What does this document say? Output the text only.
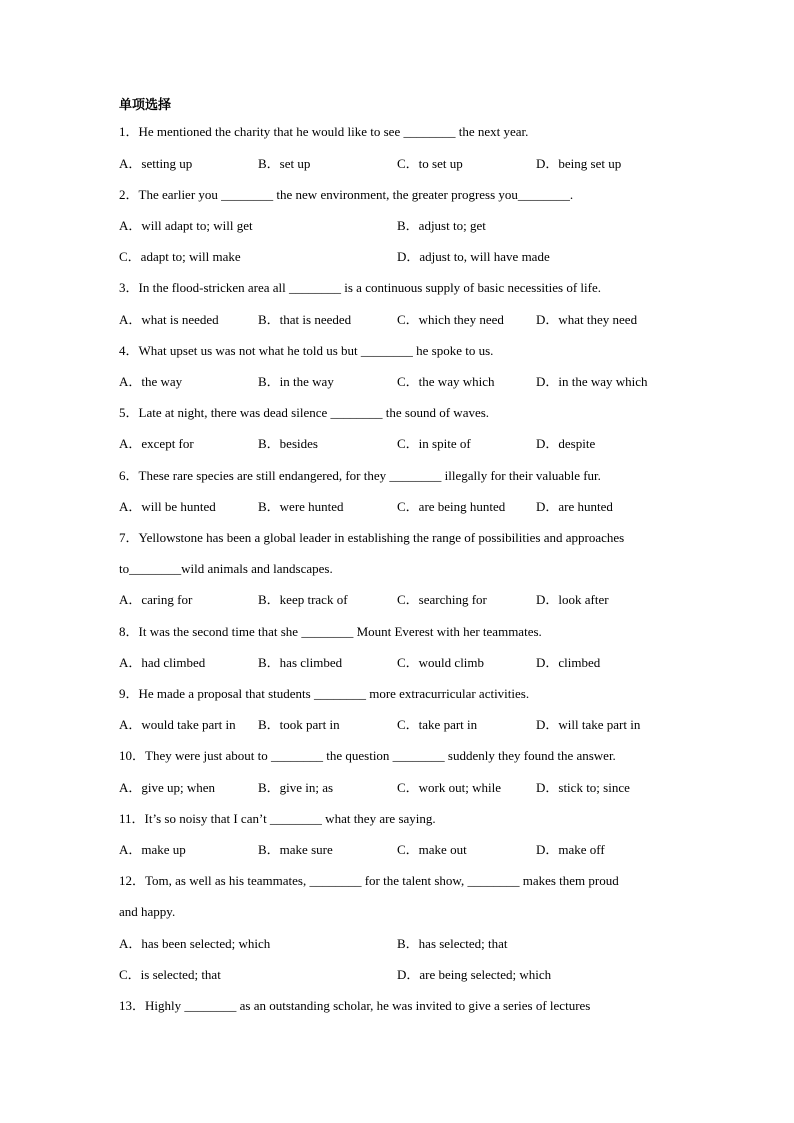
单项选择
1．He mentioned the charity that he would like to see ________ the next year.
A．setting up	B．set up	C．to set up	D．being set up
2．The earlier you ________ the new environment, the greater progress you________.
A．will adapt to; will get	B．adjust to; get
C．adapt to; will make	D．adjust to, will have made
3．In the flood-stricken area all ________ is a continuous supply of basic necessities of life.
A．what is needed	B．that is needed	C．which they need D．what they need
4．What upset us was not what he told us but ________ he spoke to us.
A．the way	B．in the way	C．the way which	D．in the way which
5．Late at night, there was dead silence ________ the sound of waves.
A．except for	B．besides	C．in spite of	D．despite
6．These rare species are still endangered, for they ________ illegally for their valuable fur.
A．will be hunted	B．were hunted	C．are being hunted D．are hunted
7．Yellowstone has been a global leader in establishing the range of possibilities and approaches
to________wild animals and landscapes.
A．caring for	B．keep track of	C．searching for	D．look after
8．It was the second time that she ________ Mount Everest with her teammates.
A．had climbed	B．has climbed	C．would climb	D．climbed
9．He made a proposal that students ________ more extracurricular activities.
A．would take part in B．took part in	C．take part in	D．will take part in
10．They were just about to ________ the question ________ suddenly they found the answer.
A．give up; when	B．give in; as	C．work out; while	D．stick to; since
11．It’s so noisy that I can’t ________ what they are saying.
A．make up	B．make sure	C．make out	D．make off
12．Tom, as well as his teammates, ________ for the talent show, ________ makes them proud
and happy.
A．has been selected; which	B．has selected; that
C．is selected; that	D．are being selected; which
13．Highly ________ as an outstanding scholar, he was invited to give a series of lectures
